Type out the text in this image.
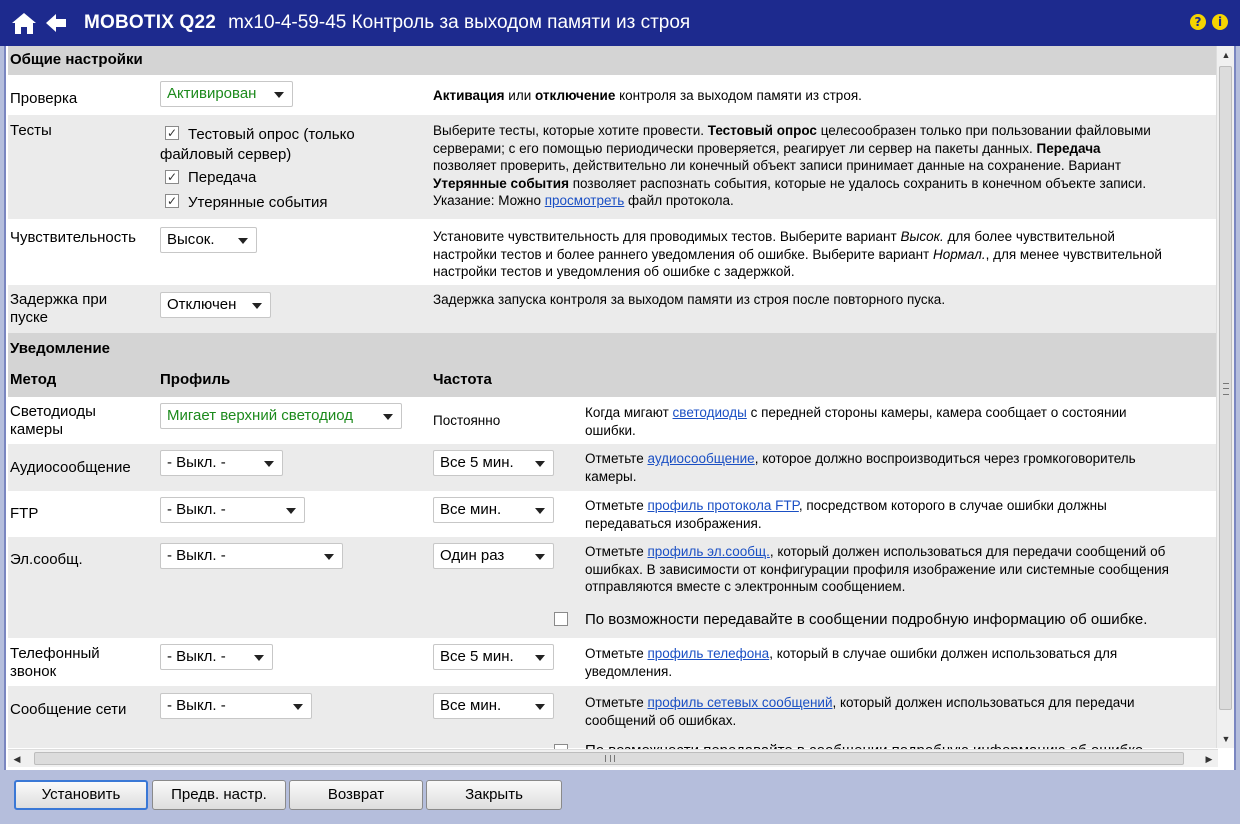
MOBOTIX Q22 mx10-4-59-45 Контроль за выходом памяти из строя	?	i
Общие настройки
Проверка	Активирован	Активация или отключение контроля за выходом памяти из строя.
Тесты	✓ Тестовый опрос (только
файловый сервер)
✓ Передача
✓ Утерянные события
Выберите тесты, которые хотите провести. Тестовый опрос целесообразен только при пользовании файловыми
серверами; с его помощью периодически проверяется, реагирует ли сервер на пакеты данных. Передача
позволяет проверить, действительно ли конечный объект записи принимает данные на сохранение. Вариант
Утерянные события позволяет распознать события, которые не удалось сохранить в конечном объекте записи.
Указание: Можно просмотреть файл протокола.
Чувствительность	Высок.	Установите чувствительность для проводимых тестов. Выберите вариант Высок. для более чувствительной
настройки тестов и более раннего уведомления об ошибке. Выберите вариант Нормал., для менее чувствительной
настройки тестов и уведомления об ошибке с задержкой.
Задержка при
пуске
Отключен	Задержка запуска контроля за выходом памяти из строя после повторного пуска.
Уведомление
Метод	Профиль	Частота
Светодиоды
камеры
Мигает верхний светодиод	Постоянно
Когда мигают светодиоды с передней стороны камеры, камера сообщает о состоянии
ошибки.
Аудиосообщение	- Выкл. -	Все 5 мин.	Отметьте аудиосообщение, которое должно воспроизводиться через громкоговоритель
камеры.
FTP	- Выкл. -	Все мин.	Отметьте профиль протокола FTP, посредством которого в случае ошибки должны
передаваться изображения.
Эл.сообщ.	- Выкл. -	Один раз	Отметьте профиль эл.сообщ., который должен использоваться для передачи сообщений об
ошибках. В зависимости от конфигурации профиля изображение или системные сообщения
отправляются вместе с электронным сообщением.
По возможности передавайте в сообщении подробную информацию об ошибке.
Телефонный
звонок
- Выкл. -	Все 5 мин.	Отметьте профиль телефона, который в случае ошибки должен использоваться для
уведомления.
Сообщение сети	- Выкл. -	Все мин.	Отметьте профиль сетевых сообщений, который должен использоваться для передачи
сообщений об ошибках.
▲
▼
◀	▶
Установить	Предв. настр.	Возврат	Закрыть
